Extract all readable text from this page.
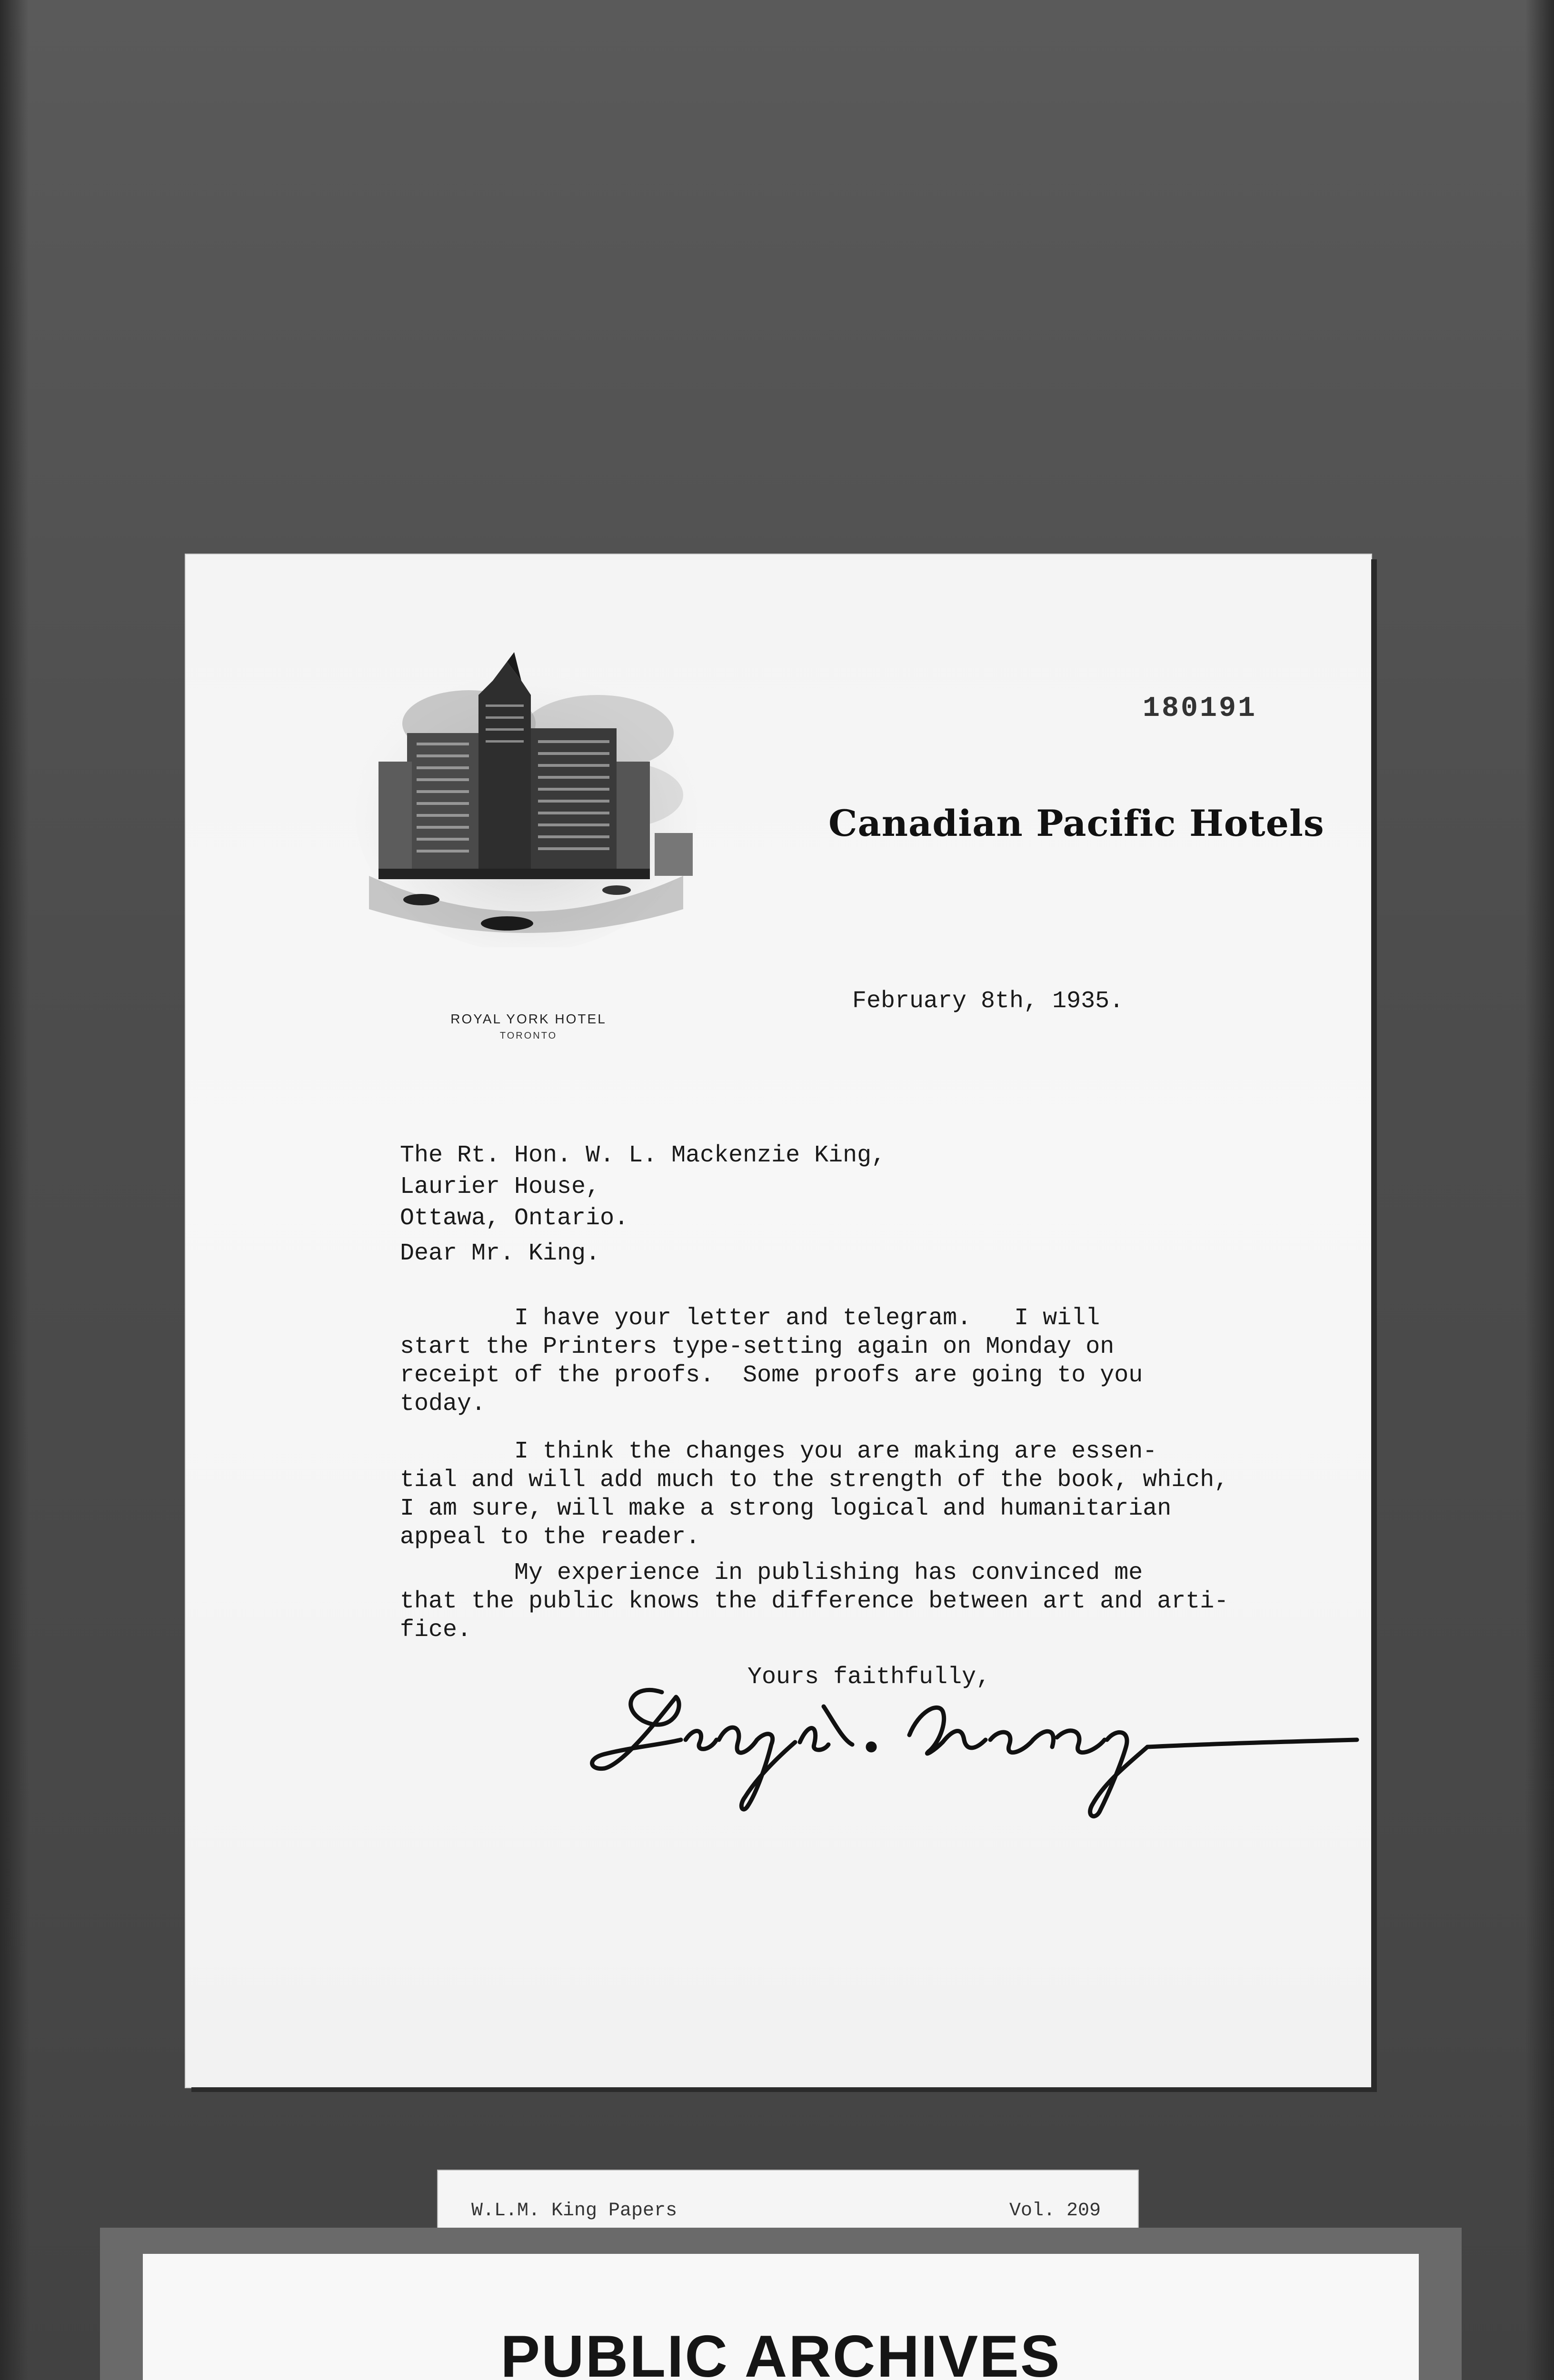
ROYAL YORK HOTEL
TORONTO
180191
Canadian Pacific Hotels
February 8th, 1935.
The Rt. Hon. W. L. Mackenzie King,
Laurier House,
Ottawa, Ontario.
Dear Mr. King.
I have your letter and telegram.   I will
start the Printers type-setting again on Monday on
receipt of the proofs.  Some proofs are going to you
today.
I think the changes you are making are essen-
tial and will add much to the strength of the book, which,
I am sure, will make a strong logical and humanitarian
appeal to the reader.
My experience in publishing has convinced me
that the public knows the difference between art and arti-
fice.
Yours faithfully,
W.L.M. King Papers	Vol. 209
PUBLIC ARCHIVES
